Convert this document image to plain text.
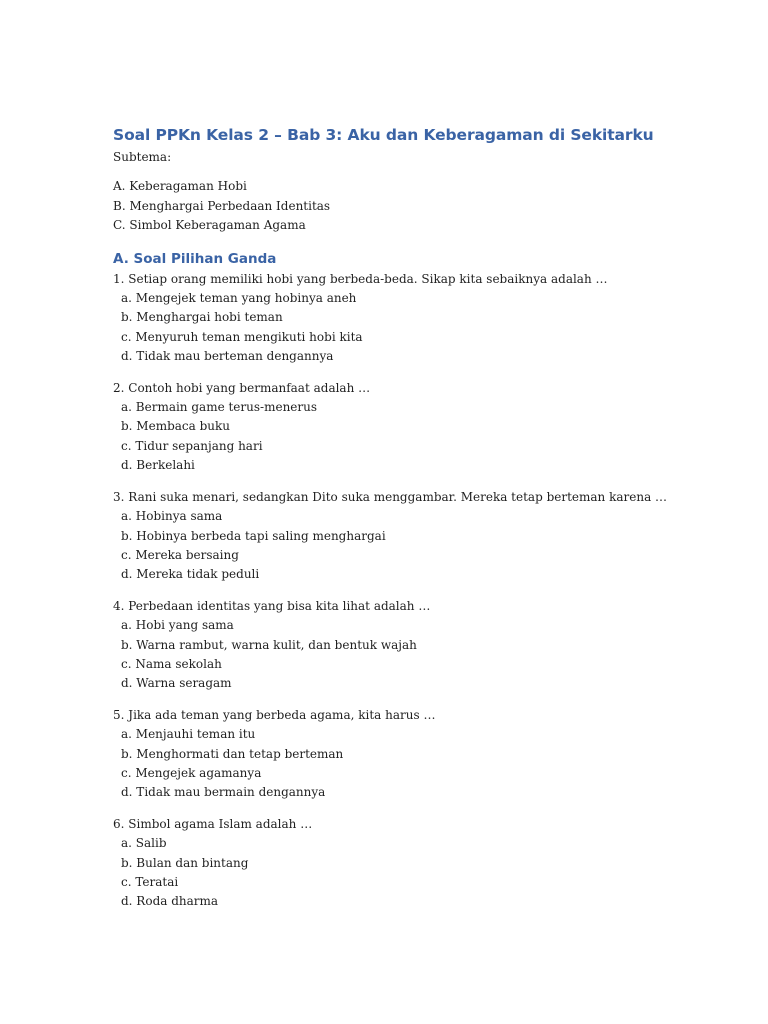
Soal PPKn Kelas 2 – Bab 3: Aku dan Keberagaman di Sekitarku
Subtema:
A. Keberagaman Hobi
B. Menghargai Perbedaan Identitas
C. Simbol Keberagaman Agama
A. Soal Pilihan Ganda
1. Setiap orang memiliki hobi yang berbeda-beda. Sikap kita sebaiknya adalah …
a. Mengejek teman yang hobinya aneh
b. Menghargai hobi teman
c. Menyuruh teman mengikuti hobi kita
d. Tidak mau berteman dengannya
2. Contoh hobi yang bermanfaat adalah …
a. Bermain game terus-menerus
b. Membaca buku
c. Tidur sepanjang hari
d. Berkelahi
3. Rani suka menari, sedangkan Dito suka menggambar. Mereka tetap berteman karena …
a. Hobinya sama
b. Hobinya berbeda tapi saling menghargai
c. Mereka bersaing
d. Mereka tidak peduli
4. Perbedaan identitas yang bisa kita lihat adalah …
a. Hobi yang sama
b. Warna rambut, warna kulit, dan bentuk wajah
c. Nama sekolah
d. Warna seragam
5. Jika ada teman yang berbeda agama, kita harus …
a. Menjauhi teman itu
b. Menghormati dan tetap berteman
c. Mengejek agamanya
d. Tidak mau bermain dengannya
6. Simbol agama Islam adalah …
a. Salib
b. Bulan dan bintang
c. Teratai
d. Roda dharma
